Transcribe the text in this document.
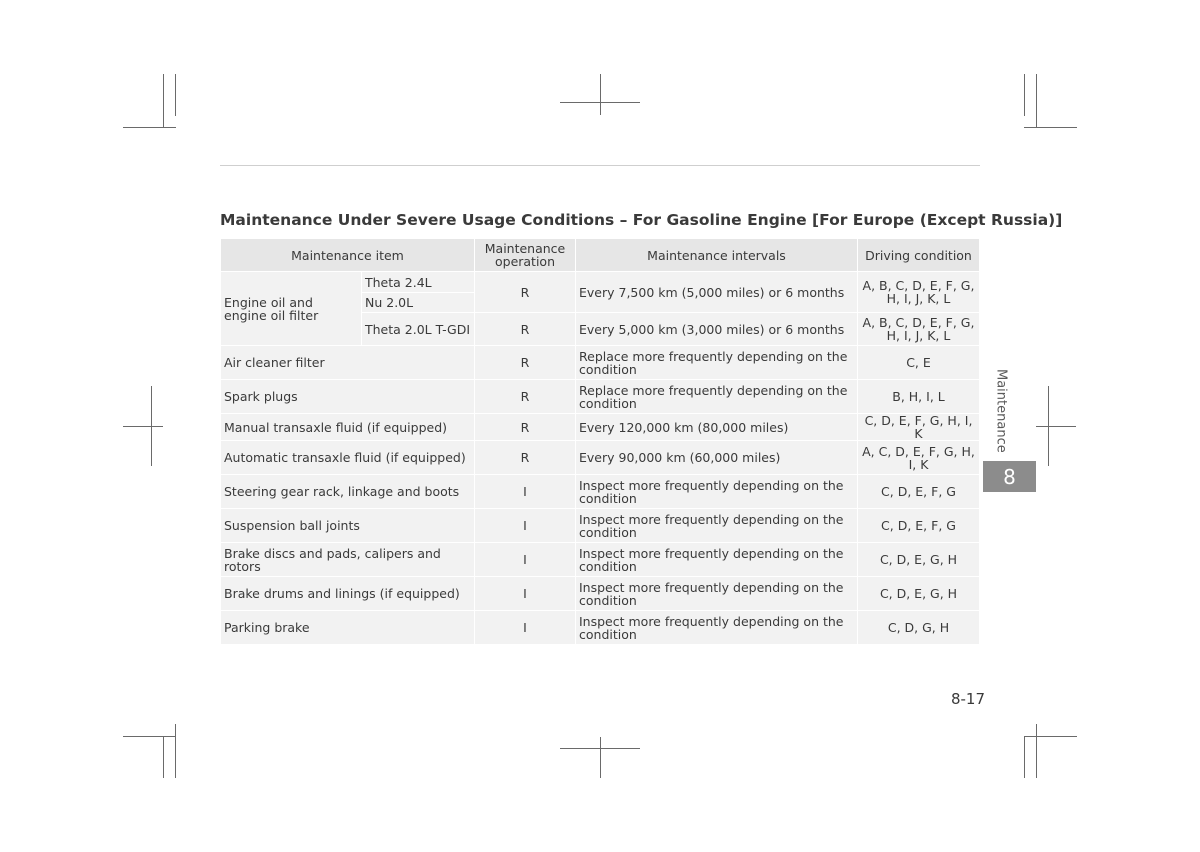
Maintenance Under Severe Usage Conditions – For Gasoline Engine [For Europe (Except Russia)]
Maintenance item		Maintenance operation	Maintenance intervals	Driving condition
Engine oil and engine oil filter	Theta 2.4L	R	Every 7,500 km (5,000 miles) or 6 months	A, B, C, D, E, F, G, H, I, J, K, L
	Nu 2.0L			
	Theta 2.0L T-GDI	R	Every 5,000 km (3,000 miles) or 6 months	A, B, C, D, E, F, G, H, I, J, K, L
Air cleaner filter		R	Replace more frequently depending on the condition	C, E
Spark plugs		R	Replace more frequently depending on the condition	B, H, I, L
Manual transaxle fluid (if equipped)		R	Every 120,000 km (80,000 miles)	C, D, E, F, G, H, I, K
Automatic transaxle fluid (if equipped)		R	Every 90,000 km (60,000 miles)	A, C, D, E, F, G, H, I, K
Steering gear rack, linkage and boots		I	Inspect more frequently depending on the condition	C, D, E, F, G
Suspension ball joints		I	Inspect more frequently depending on the condition	C, D, E, F, G
Brake discs and pads, calipers and rotors		I	Inspect more frequently depending on the condition	C, D, E, G, H
Brake drums and linings (if equipped)		I	Inspect more frequently depending on the condition	C, D, E, G, H
Parking brake		I	Inspect more frequently depending on the condition	C, D, G, H
Maintenance
8
8-17
